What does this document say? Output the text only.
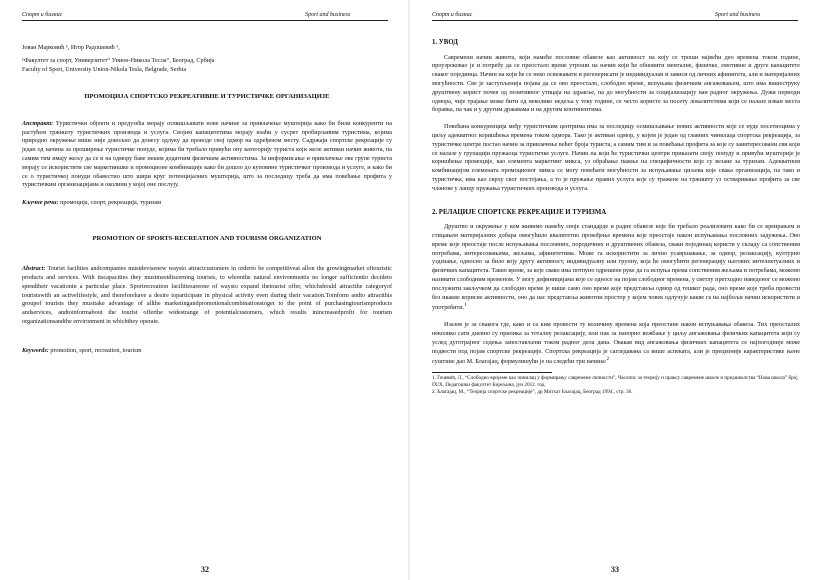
Спорт и бизнис	Sport and business
Јован Марковић ¹, Игор Радошевић ¹,
¹Факултет за спорт, Универзитет“ Унион-Никола Тесла“, Београд, Србија
Faculty of Sport, University Union-Nikola Tesla, Belgrade, Serbia
ПРОМОЦИЈА СПОРТСКО РЕКРЕАТИВНЕ И ТУРИСТИЧКЕ ОРГАНИЗАЦИЈЕ

Апстракт: Туристички објекти и предузећа морају осмишљавати нове начине за привлачење муштерија како би били конкуренти на растућем тржишту туристичких производа и услуга. Својим капацитетима морају изаћи у сусрет пробирљивим туристима, којима природно окружење више није довољно да донесу одлуку да проводе свој одмор на одређеном месту. Садржаји спортске рекреације су један од начина за проширење туристичке понуде, којима би требало привући ону категорију туриста који желе активан начин живота, па самим тим имају жељу да се и на одмору баве неким додатним физичким активностима. За информисање и привлачење ове групе туриста морају се искористити све маркетиншке и промоционе комбинације како би дошло до куповине туристичког производа и услуге, и како би се о туристичкој понуди обавестио што шири круг потенцијалних муштерија, што за последицу треба да има повећање профита у туристичким организацијама и околини у којој оне послују.

Кључне речи: промоција, спорт, рекреација, туризам

PROMOTION OF SPORTS-RECREATION AND TOURISM ORGANIZATION

Abstract: Tourist facilities andcompanies mustdevisenew waysto attractcustomers in orderto be competitiveat allon the growingmarket oftouristic products and services. With itscapacities they mustmeetdiscerning tourists, to whomthe natural environmentis no longer sufficientto decideto spendtheir vacationin a particular place. Sportrecreation facilitiesareone of waysto expand thetourist offer, whichshould attractthe categoryof touristswith an activelifestyle, and thereforehave a desire toparticipate in physical activity even during their vacation.Toinform andto attractthis groupof tourists they musttake advantage of allthe marketingandpromotionalcombinationstoget to the point of purchasingtourismproducts andservices, andtoinformabout the tourist offerthe widestrange of potentialcustomers, which results inincreasedprofit for tourism organizationsandthe environment in whichthey operate.

Keywords: promotion, sport, recreation, tourism

32
Спорт и бизнис	Sport and business
1. УВОД

Савремени начин живота, који намеће пословне обавезе као активност на коју се троши највећи део времена током године, проузроковао је и потребу да се преостало време утроши на начин који ће обновити менталне, физичке, емотивне и друге капацитете сваког појединца. Начин на који ће се неко освежавати и регенерисати је индивидуалан и зависи од личних афинитета, али и материјалних могућности. Све је заступљенија појава да се ово преостало, слободно време, испуњава физичким ангажовањем, што има вишеструку друштвену корист почев од позитивног утицаја на здравље, па до могућности за социјализацију ван радног окружења. Дужи периоди одмора, чије трајање може бити од неколико недеља у току године, се често користе за посету локалитетима који се налазе изван места боравка, па чак и у другим државама и на другим континентима.

Повећана конкуренција међу туристичким центрима има за последицу осмишљавање нових активности које се нуде посетиоцима у циљу адекватног коришћења времена током одмора. Тако је активан одмор, у којем је један од главних чинилаца спортска рекреација, за туристичке центре постао начин за привлачење већег броја туриста, а самим тим и за повећање профита за које су заинтересовани сви који се налазе у групацији пружаоца туристичке услуге. Начин на који ће туристички центри приказати своју понуду и привући муштерије је коришћење промоције, као елемента маркетинг микса, уз обраћање пажње на специфичности које су везане за туризам. Адекватном комбинацијом елемената промоционог микса се могу повећати могућности за испуњавање циљева које свака организација, па тако и туристичка, има као сврху свог постојања, а то је пружање правих услуга које су тражене на тржишту уз остваривање профита за све чланове у ланцу пружања туристичких производа и услуга.

2. РЕЛАЦИЈЕ СПОРТСКЕ РЕКРЕАЦИЈЕ И ТУРИЗМА

Друштво и окружење у ком живимо намећу своје стандарде и радне обавезе које би требало реализовати како би се креирањем и стицањем материјалних добара омогућило квалитетно провођење времена које преостаје након испуњавања пословних задужења. Ово време које преостаје после испуњавања пословних, породичних и друштвених обавеза, сваки појединац користи у складу са сопственим потребама, интересовањима, жељама, афинитетима. Може га искористити за лично усавршавање, за одмор, релаксацију, културно уздизање, односно за било коју другу активност, индивидуалну или групну, која ће омогућити регенерацију његових интелектуалних и физичких капацитета. Такво време, за које свако има потпуно одрешене руке да га испуња према сопственим жељама и потребама, можемо називати слободним временом. У могу дефиницијама које се односе на појам слободног времена, у светлу претходно наведеног се можемо послужити закључком да слободно време је више само оно време које представља одмор од тешког рада, оно време које треба провести без икакве корисне активности, оно да нас представља животни простор у којем човек одлучује каквe га на најбољи начин искористити и употребити.$^1$

Изазов је за свакога где, како и са ким провести ту количину времена која преостане након испуњавања обавеза. Тих преосталих неколико сати дневно су прилика за тоталну релаксацију, или пак за напорно вежбање у циљу ангажовања физичких капацитета који су услед дуготрајног седења запостављени током радног дела дана. Овакав вид ангажовања физичких капацитета се најпогодније може подвести под појам спортске рекреације. Спортска рекреација је сагледавана са више аспеката, али је прецизније карактеристике њене суштине дао М. Благајац, формулишући је на следећи три начина:$^2$

1. Гочевић, Л., “Слободно вријеме као чинилац у формирању савремене личности”, Часопис за теорију и праксу савремене школе и предшколства “Нова школа” број IX/X, Педагошки факултет Бијељина, јун 2012. год.
2. Благајац, М., “Теорија спортске рекреације”, др Митхат Благајац, Београд 1994., стр. 36.
33
